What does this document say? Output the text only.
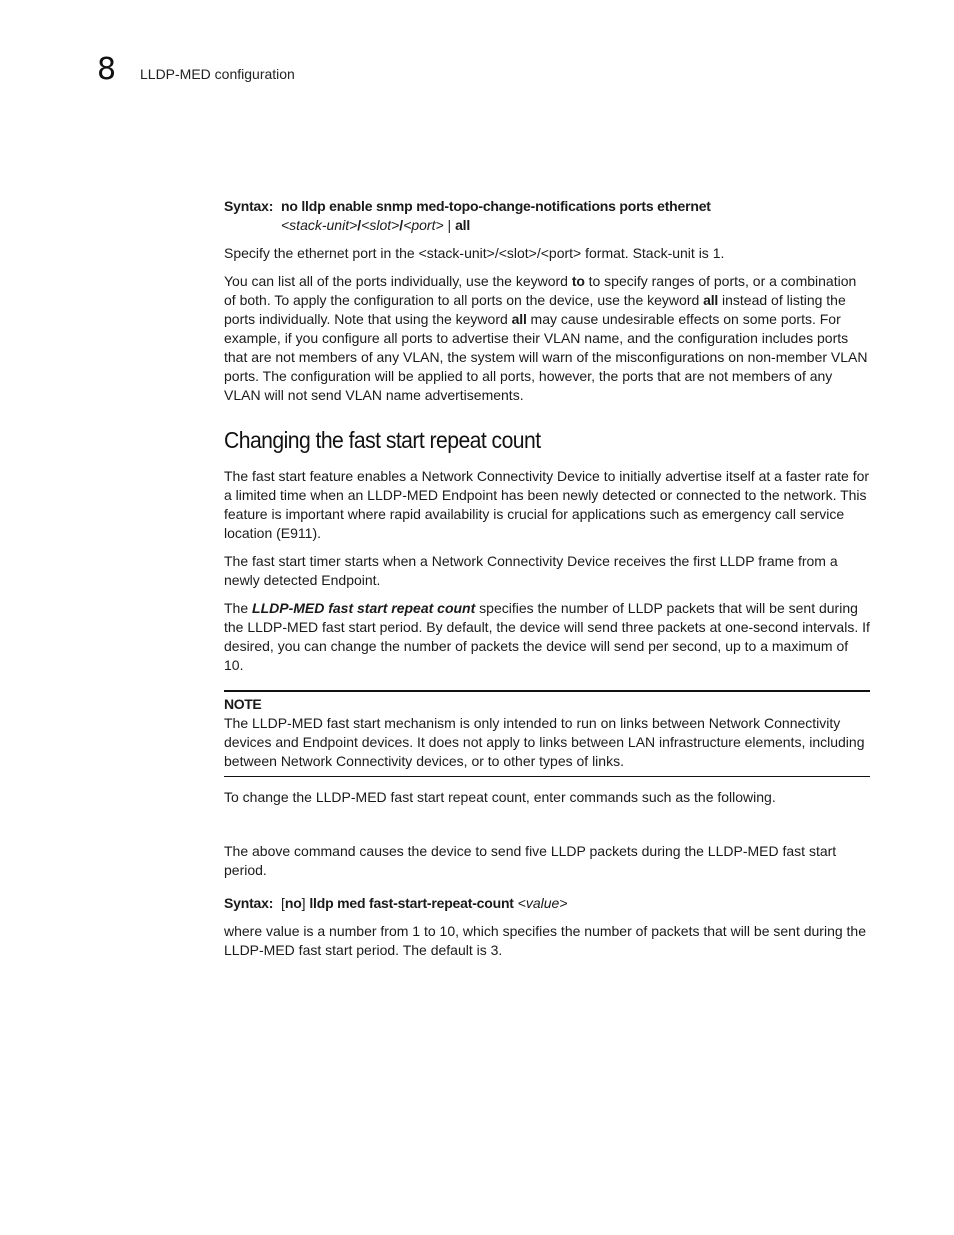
8 LLDP-MED configuration
Syntax: no lldp enable snmp med-topo-change-notifications ports ethernet
<stack-unit>/<slot>/<port> | all

Specify the ethernet port in the <stack-unit>/<slot>/<port> format. Stack-unit is 1.

You can list all of the ports individually, use the keyword to to specify ranges of ports, or a combination of both. To apply the configuration to all ports on the device, use the keyword all instead of listing the ports individually. Note that using the keyword all may cause undesirable effects on some ports. For example, if you configure all ports to advertise their VLAN name, and the configuration includes ports that are not members of any VLAN, the system will warn of the misconfigurations on non-member VLAN ports. The configuration will be applied to all ports, however, the ports that are not members of any VLAN will not send VLAN name advertisements.

Changing the fast start repeat count

The fast start feature enables a Network Connectivity Device to initially advertise itself at a faster rate for a limited time when an LLDP-MED Endpoint has been newly detected or connected to the network. This feature is important where rapid availability is crucial for applications such as emergency call service location (E911).

The fast start timer starts when a Network Connectivity Device receives the first LLDP frame from a newly detected Endpoint.

The LLDP-MED fast start repeat count specifies the number of LLDP packets that will be sent during the LLDP-MED fast start period. By default, the device will send three packets at one-second intervals. If desired, you can change the number of packets the device will send per second, up to a maximum of 10.

NOTE
The LLDP-MED fast start mechanism is only intended to run on links between Network Connectivity devices and Endpoint devices. It does not apply to links between LAN infrastructure elements, including between Network Connectivity devices, or to other types of links.

To change the LLDP-MED fast start repeat count, enter commands such as the following.

The above command causes the device to send five LLDP packets during the LLDP-MED fast start period.

Syntax: [no] lldp med fast-start-repeat-count <value>

where value is a number from 1 to 10, which specifies the number of packets that will be sent during the LLDP-MED fast start period. The default is 3.
